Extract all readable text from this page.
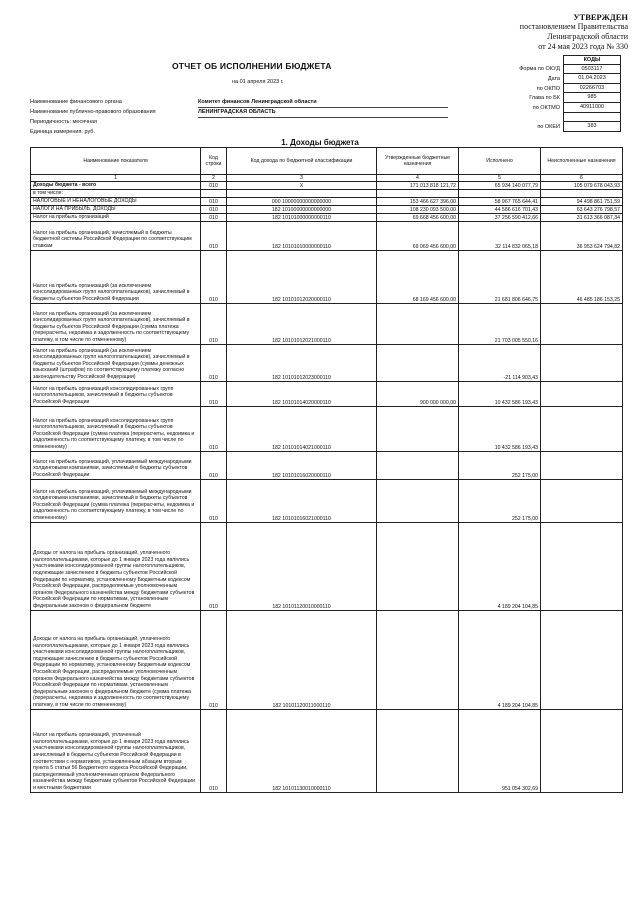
УТВЕРЖДЕН
постановлением Правительства
Ленинградской области
от 24 мая 2023 года № 330
ОТЧЕТ ОБ ИСПОЛНЕНИИ БЮДЖЕТА
на 01 апреля 2023 г.
КОДЫ
Форма по ОКУД	0503117
Дата	01.04.2023
по ОКПО	02266703
Глава по БК	985
по ОКТМО	40911000
по ОКЕИ	383
Наименование финансового органа	Комитет финансов Ленинградской области
Наименование публично-правового образования	ЛЕНИНГРАДСКАЯ ОБЛАСТЬ
Периодичность: месячная
Единица измерения: руб.
1. Доходы бюджета
Наименование показателя	Код строки	Код дохода по бюджетной классификации	Утвержденные бюджетные назначения	Исполнено	Неисполненные назначения
1	2	3	4	5	6
Доходы бюджета - всего	010	X	171 013 818 121,72	65 934 140 077,79	105 079 678 043,93
в том числе:					
НАЛОГОВЫЕ И НЕНАЛОГОВЫЕ ДОХОДЫ	010	000 10000000000000000	153 466 627 396,00	58 967 765 644,41	94 498 861 751,59
НАЛОГИ НА ПРИБЫЛЬ, ДОХОДЫ	010	182 10100000000000000	108 230 093 500,00	44 586 616 701,43	63 643 276 798,57
Налог на прибыль организаций	010	182 10101000000000110	69 668 456 600,00	37 256 590 412,66	31 613 366 087,34
Налог на прибыль организаций, зачисляемый в бюджеты бюджетной системы Российской Федерации по соответствующим ставкам	010	182 10101010000000110	69 069 456 600,00	32 114 832 065,18	36 953 624 794,82
Налог на прибыль организаций (за исключением консолидированных групп налогоплательщиков), зачисляемый в бюджеты субъектов Российской Федерации	010	182 10101012020000110	68 169 456 600,00	21 681 806 646,75	46 485 186 153,25
Налог на прибыль организаций (за исключением консолидированных групп налогоплательщиков), зачисляемый в бюджеты субъектов Российской Федерации (сумма платежа (перерасчеты, недоимка и задолженность по соответствующему платежу, в том числе по отмененному)	010	182 10101012021000110		21 703 005 550,16	
Налог на прибыль организаций (за исключением консолидированных групп налогоплательщиков), зачисляемый в бюджеты субъектов Российской Федерации (суммы денежных взысканий (штрафов) по соответствующему платежу согласно законодательству Российской Федерации)	010	182 10101012023000110		-21 114 903,43	
Налог на прибыль организаций консолидированных групп налогоплательщиков, зачисляемый в бюджеты субъектов Российской Федерации	010	182 10101014020000110	900 000 000,00	10 432 586 193,43	
Налог на прибыль организаций консолидированных групп налогоплательщиков, зачисляемый в бюджеты субъектов Российской Федерации (сумма платежа (перерасчеты, недоимка и задолженность по соответствующему платежу, в том числе по отмененному)	010	182 10101014021000110		10 432 586 193,43	
Налог на прибыль организаций, уплачиваемый международными холдинговыми компаниями, зачисляемый в бюджеты субъектов Российской Федерации	010	182 10101016020000110		252 175,00	
Налог на прибыль организаций, уплачиваемый международными холдинговыми компаниями, зачисляемый в бюджеты субъектов Российской Федерации (сумма платежа (перерасчеты, недоимка и задолженность по соответствующему платежу, в том числе по отмененному)	010	182 10101016021000110		252 175,00	
Доходы от налога на прибыль организаций, уплаченного налогоплательщиками, которые до 1 января 2023 года являлись участниками консолидированной группы налогоплательщиков, подлежащие зачислению в бюджеты субъектов Российской Федерации по нормативу, установленному Бюджетным кодексом Российской Федерации, распределяемые уполномоченным органом Федерального казначейства между бюджетами субъектов Российской Федерации по нормативам, установленным федеральным законом о федеральном бюджете	010	182 10101120010000110		4 189 204 104,85	
Доходы от налога на прибыль организаций, уплаченного налогоплательщиками, которые до 1 января 2023 года являлись участниками консолидированной группы налогоплательщиков, подлежащие зачислению в бюджеты субъектов Российской Федерации по нормативу, установленному Бюджетным кодексом Российской Федерации, распределяемые уполномоченным органом Федерального казначейства между бюджетами субъектов Российской Федерации по нормативам, установленным федеральным законом о федеральном бюджете (сумма платежа (перерасчеты, недоимка и задолженность по соответствующему платежу, в том числе по отмененному)	010	182 10101120011000110		4 189 204 104,85	
Налог на прибыль организаций, уплаченный налогоплательщиками, которые до 1 января 2023 года являлись участниками консолидированной группы налогоплательщиков, зачисляемый в бюджеты субъектов Российской Федерации в соответствии с нормативом, установленным абзацем вторым пункта 5 статьи 56 Бюджетного кодекса Российской Федерации, распределяемый уполномоченным органом Федерального казначейства между бюджетами субъектов Российской Федерации и местными бюджетами	010	182 10101130010000110		951 054 302,69	
